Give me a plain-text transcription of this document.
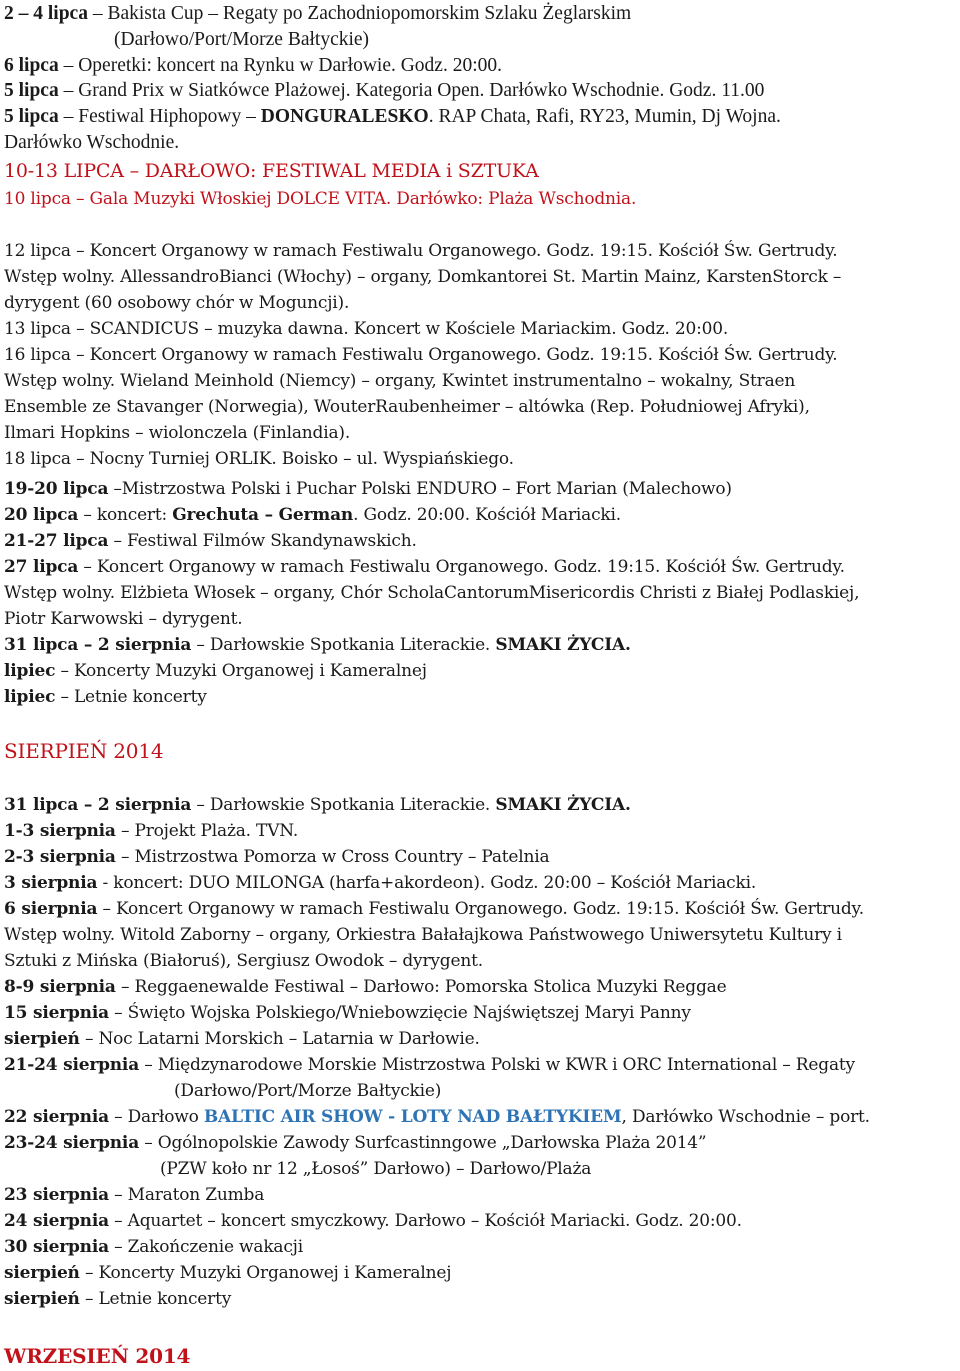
2 – 4 lipca – Bakista Cup – Regaty po Zachodniopomorskim Szlaku Żeglarskim
(Darłowo/Port/Morze Bałtyckie)
6 lipca – Operetki: koncert na Rynku w Darłowie. Godz. 20:00.
5 lipca – Grand Prix w Siatkówce Plażowej. Kategoria Open. Darłówko Wschodnie. Godz. 11.00
5 lipca – Festiwal Hiphopowy – DONGURALESKO. RAP Chata, Rafi, RY23, Mumin, Dj Wojna.
Darłówko Wschodnie.
10-13 LIPCA – DARŁOWO: FESTIWAL MEDIA i SZTUKA
10 lipca – Gala Muzyki Włoskiej DOLCE VITA. Darłówko: Plaża Wschodnia.
12 lipca – Koncert Organowy w ramach Festiwalu Organowego. Godz. 19:15. Kościół Św. Gertrudy.
Wstęp wolny. AllessandroBianci (Włochy) – organy, Domkantorei St. Martin Mainz, KarstenStorck –
dyrygent (60 osobowy chór w Moguncji).
13 lipca – SCANDICUS – muzyka dawna. Koncert w Kościele Mariackim. Godz. 20:00.
16 lipca – Koncert Organowy w ramach Festiwalu Organowego. Godz. 19:15. Kościół Św. Gertrudy.
Wstęp wolny. Wieland Meinhold (Niemcy) – organy, Kwintet instrumentalno – wokalny, Straen
Ensemble ze Stavanger (Norwegia), WouterRaubenheimer – altówka (Rep. Południowej Afryki),
Ilmari Hopkins – wiolonczela (Finlandia).
18 lipca – Nocny Turniej ORLIK. Boisko – ul. Wyspiańskiego.
19-20 lipca –Mistrzostwa Polski i Puchar Polski ENDURO – Fort Marian (Malechowo)
20 lipca – koncert: Grechuta – German. Godz. 20:00. Kościół Mariacki.
21-27 lipca – Festiwal Filmów Skandynawskich.
27 lipca – Koncert Organowy w ramach Festiwalu Organowego. Godz. 19:15. Kościół Św. Gertrudy.
Wstęp wolny. Elżbieta Włosek – organy, Chór ScholaCantorumMisericordis Christi z Białej Podlaskiej,
Piotr Karwowski – dyrygent.
31 lipca – 2 sierpnia – Darłowskie Spotkania Literackie. SMAKI ŻYCIA.
lipiec – Koncerty Muzyki Organowej i Kameralnej
lipiec – Letnie koncerty
SIERPIEŃ 2014
31 lipca – 2 sierpnia – Darłowskie Spotkania Literackie. SMAKI ŻYCIA.
1-3 sierpnia – Projekt Plaża. TVN.
2-3 sierpnia – Mistrzostwa Pomorza w Cross Country – Patelnia
3 sierpnia - koncert: DUO MILONGA (harfa+akordeon). Godz. 20:00 – Kościół Mariacki.
6 sierpnia – Koncert Organowy w ramach Festiwalu Organowego. Godz. 19:15. Kościół Św. Gertrudy.
Wstęp wolny. Witold Zaborny – organy, Orkiestra Bałałajkowa Państwowego Uniwersytetu Kultury i
Sztuki z Mińska (Białoruś), Sergiusz Owodok – dyrygent.
8-9 sierpnia – Reggaenewalde Festiwal – Darłowo: Pomorska Stolica Muzyki Reggae
15 sierpnia – Święto Wojska Polskiego/Wniebowzięcie Najświętszej Maryi Panny
sierpień – Noc Latarni Morskich – Latarnia w Darłowie.
21-24 sierpnia – Międzynarodowe Morskie Mistrzostwa Polski w KWR i ORC International – Regaty
(Darłowo/Port/Morze Bałtyckie)
22 sierpnia – Darłowo BALTIC AIR SHOW - LOTY NAD BAŁTYKIEM, Darłówko Wschodnie – port.
23-24 sierpnia – Ogólnopolskie Zawody Surfcastinngowe „Darłowska Plaża 2014”
(PZW koło nr 12 „Łosoś” Darłowo) – Darłowo/Plaża
23 sierpnia – Maraton Zumba
24 sierpnia – Aquartet – koncert smyczkowy. Darłowo – Kościół Mariacki. Godz. 20:00.
30 sierpnia – Zakończenie wakacji
sierpień – Koncerty Muzyki Organowej i Kameralnej
sierpień – Letnie koncerty
WRZESIEŃ 2014
